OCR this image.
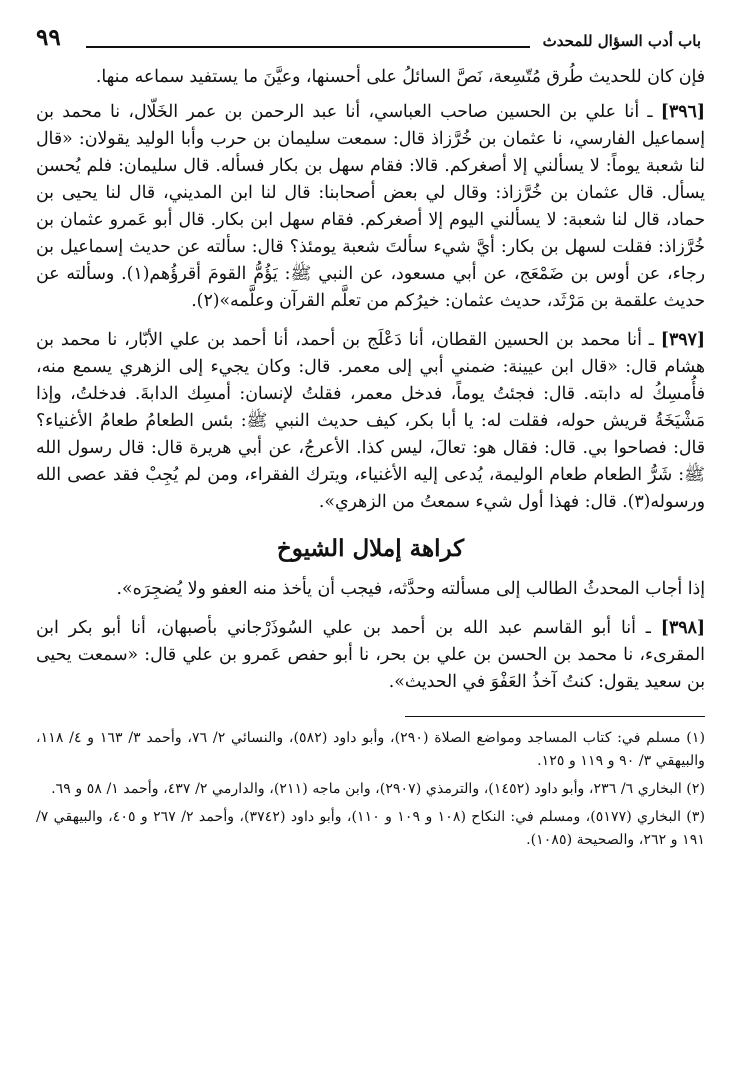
باب أدب السؤال للمحدث
٩٩

فإن كان للحديث طُرق مُتّسِعة، نَصَّ السائلُ على أحسنها، وعيَّنَ ما يستفيد سماعه منها.

[٣٩٦] ـ أنا علي بن الحسين صاحب العباسي، أنا عبد الرحمن بن عمر الخَلّال، نا محمد بن إسماعيل الفارسي، نا عثمان بن خُرَّزاذ قال: سمعت سليمان بن حرب وأبا الوليد يقولان: «قال لنا شعبة يوماً: لا يسألني إلا أصغركم. قالا: فقام سهل بن بكار فسأله. قال سليمان: فلم يُحسن يسأل. قال عثمان بن خُرَّزاذ: وقال لي بعض أصحابنا: قال لنا ابن المديني، قال لنا يحيى بن حماد، قال لنا شعبة: لا يسألني اليوم إلا أصغركم. فقام سهل ابن بكار. قال أبو عَمرو عثمان بن خُرَّزاذ: فقلت لسهل بن بكار: أيَّ شيء سألتَ شعبة يومئذ؟ قال: سألته عن حديث إسماعيل بن رجاء، عن أوس بن ضَمْعَج، عن أبي مسعود، عن النبي ﷺ: يَؤُمُّ القومَ أقرؤُهم(١). وسألته عن حديث علقمة بن مَرْثَد، حديث عثمان: خيرُكم من تعلَّم القرآن وعلَّمه»(٢).

[٣٩٧] ـ أنا محمد بن الحسين القطان، أنا دَعْلَج بن أحمد، أنا أحمد بن علي الأبّار، نا محمد بن هشام قال: «قال ابن عيينة: ضمني أبي إلى معمر. قال: وكان يجيء إلى الزهري يسمع منه، فأُمسِكُ له دابته. قال: فجئتُ يوماً، فدخل معمر، فقلتُ لإنسان: أمسِك الدابةَ. فدخلتُ، وإذا مَشْيَخَةُ قريش حوله، فقلت له: يا أبا بكر، كيف حديث النبي ﷺ: بئس الطعامُ طعامُ الأغنياء؟ قال: فصاحوا بي. قال: فقال هو: تعالَ، ليس كذا. الأعرجُ، عن أبي هريرة قال: قال رسول الله ﷺ: شَرُّ الطعام طعام الوليمة، يُدعى إليه الأغنياء، ويترك الفقراء، ومن لم يُجِبْ فقد عصى الله ورسوله(٣). قال: فهذا أول شيء سمعتُ من الزهري».

كراهة إملال الشيوخ

إذا أجاب المحدثُ الطالب إلى مسألته وحدَّثه، فيجب أن يأخذ منه العفو ولا يُضجِرَه».

[٣٩٨] ـ أنا أبو القاسم عبد الله بن أحمد بن علي السُوذَرْجاني بأصبهان، أنا أبو بكر ابن المقرىء، نا محمد بن الحسن بن علي بن بحر، نا أبو حفص عَمرو بن علي قال: «سمعت يحيى بن سعيد يقول: كنتُ آخذُ العَفْوَ في الحديث».

(١) مسلم في: كتاب المساجد ومواضع الصلاة (٢٩٠)، وأبو داود (٥٨٢)، والنسائي ٢/ ٧٦، وأحمد ٣/ ١٦٣ و ٤/ ١١٨، والبيهقي ٣/ ٩٠ و ١١٩ و ١٢٥.

(٢) البخاري ٦/ ٢٣٦، وأبو داود (١٤٥٢)، والترمذي (٢٩٠٧)، وابن ماجه (٢١١)، والدارمي ٢/ ٤٣٧، وأحمد ١/ ٥٨ و ٦٩.

(٣) البخاري (٥١٧٧)، ومسلم في: النكاح (١٠٨ و ١٠٩ و ١١٠)، وأبو داود (٣٧٤٢)، وأحمد ٢/ ٢٦٧ و ٤٠٥، والبيهقي ٧/ ١٩١ و ٢٦٢، والصحيحة (١٠٨٥).
